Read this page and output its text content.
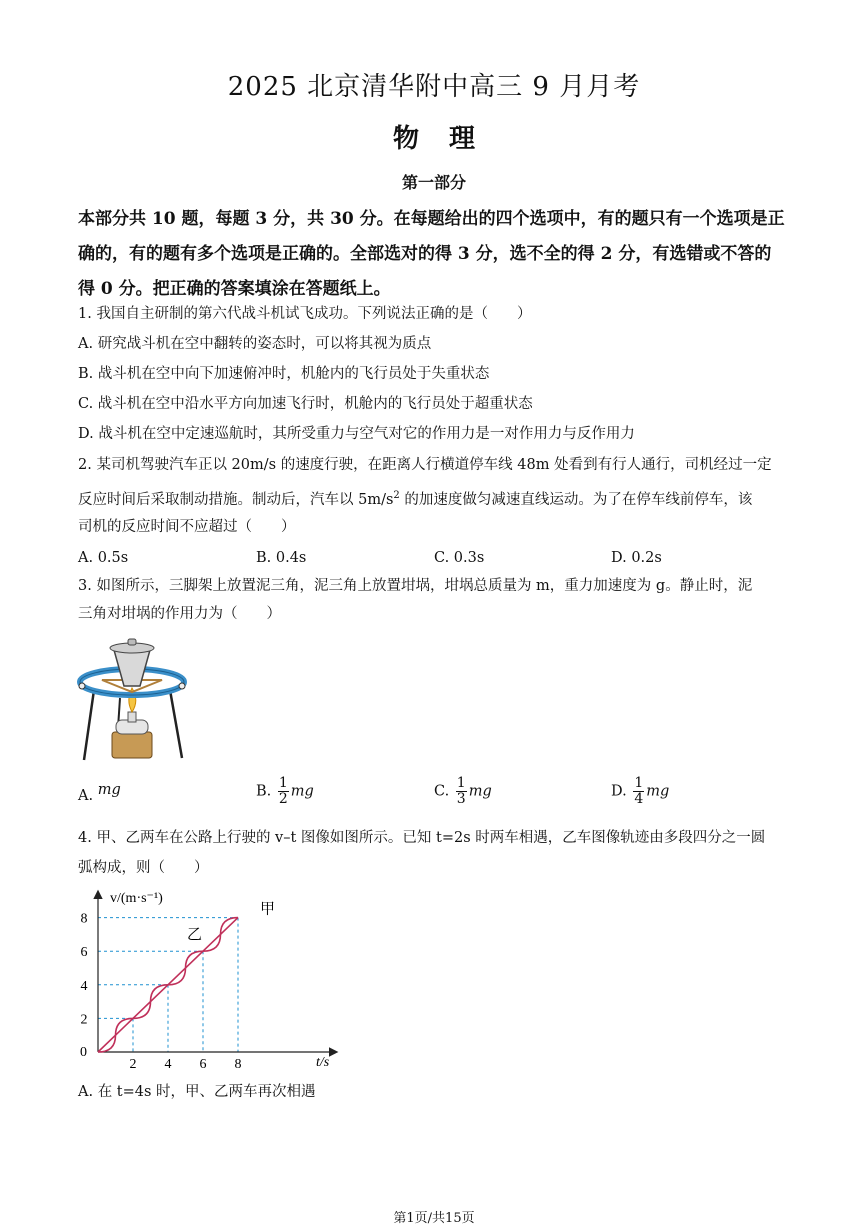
2025 北京清华附中高三 9 月月考
物理
第一部分
本部分共 10 题，每题 3 分，共 30 分。在每题给出的四个选项中，有的题只有一个选项是正
确的，有的题有多个选项是正确的。全部选对的得 3 分，选不全的得 2 分，有选错或不答的
得 0 分。把正确的答案填涂在答题纸上。
1. 我国自主研制的第六代战斗机试飞成功。下列说法正确的是（　　）
A. 研究战斗机在空中翻转的姿态时，可以将其视为质点
B. 战斗机在空中向下加速俯冲时，机舱内的飞行员处于失重状态
C. 战斗机在空中沿水平方向加速飞行时，机舱内的飞行员处于超重状态
D. 战斗机在空中定速巡航时，其所受重力与空气对它的作用力是一对作用力与反作用力
2. 某司机驾驶汽车正以 20m/s 的速度行驶，在距离人行横道停车线 48m 处看到有行人通行，司机经过一定
反应时间后采取制动措施。制动后，汽车以 $5m/s^2$ 的加速度做匀减速直线运动。为了在停车线前停车，该
司机的反应时间不应超过（　　）
A. 0.5s	B. 0.4s	C. 0.3s	D. 0.2s
3. 如图所示，三脚架上放置泥三角，泥三角上放置坩埚，坩埚总质量为 m，重力加速度为 g。静止时，泥
三角对坩埚的作用力为（　　）
A. mg	B. $\frac{1}{2}$ mg	C. $\frac{1}{3}$ mg	D. $\frac{1}{4}$ mg
4. 甲、乙两车在公路上行驶的 v–t 图像如图所示。已知 t=2s 时两车相遇，乙车图像轨迹由多段四分之一圆
弧构成，则（　　）
2 4 6 8
2
4
6
8
甲
乙
v/(m·s⁻¹)
t/s
0
A. 在 t=4s 时，甲、乙两车再次相遇
第1页/共15页
